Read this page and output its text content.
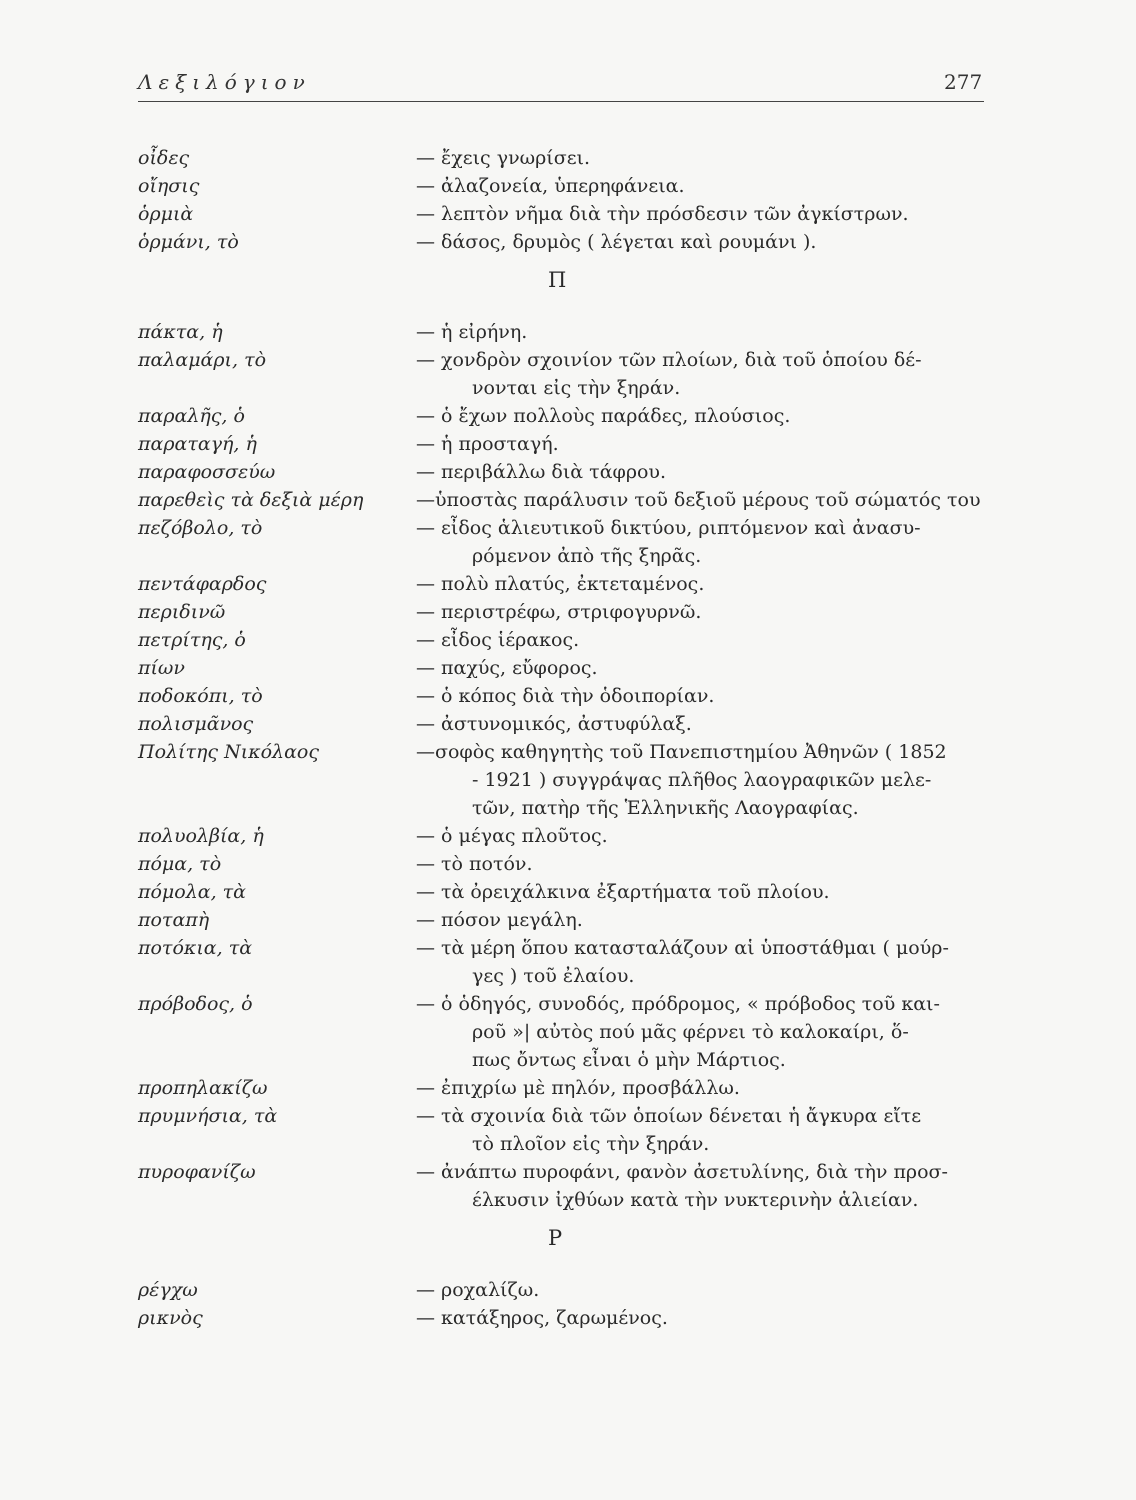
Λεξιλόγιον	277
οἶδες	— ἔχεις γνωρίσει.
οἴησις	— ἀλαζονεία, ὑπερηφάνεια.
ὁρμιὰ	— λεπτὸν νῆμα διὰ τὴν πρόσδεσιν τῶν ἀγκίστρων.
ὁρμάνι, τὸ	— δάσος, δρυμὸς ( λέγεται καὶ ρουμάνι ).
Π
πάκτα, ἡ	— ἡ εἰρήνη.
παλαμάρι, τὸ	— χονδρὸν σχοινίον τῶν πλοίων, διὰ τοῦ ὁποίου δέ-
νονται εἰς τὴν ξηράν.
παραλῆς, ὁ	— ὁ ἔχων πολλοὺς παράδες, πλούσιος.
παραταγή, ἡ	— ἡ προσταγή.
παραφοσσεύω	— περιβάλλω διὰ τάφρου.
παρεθεὶς τὰ δεξιὰ μέρη	—ὑποστὰς παράλυσιν τοῦ δεξιοῦ μέρους τοῦ σώματός του
πεζόβολο, τὸ	— εἶδος ἁλιευτικοῦ δικτύου, ριπτόμενον καὶ ἀνασυ-
ρόμενον ἀπὸ τῆς ξηρᾶς.
πεντάφαρδος	— πολὺ πλατύς, ἐκτεταμένος.
περιδινῶ	— περιστρέφω, στριφογυρνῶ.
πετρίτης, ὁ	— εἶδος ἱέρακος.
πίων	— παχύς, εὔφορος.
ποδοκόπι, τὸ	— ὁ κόπος διὰ τὴν ὁδοιπορίαν.
πολισμᾶνος	— ἀστυνομικός, ἀστυφύλαξ.
Πολίτης Νικόλαος	—σοφὸς καθηγητὴς τοῦ Πανεπιστημίου Ἀθηνῶν ( 1852
- 1921 ) συγγράψας πλῆθος λαογραφικῶν μελε-
τῶν, πατὴρ τῆς Ἑλληνικῆς Λαογραφίας.
πολυολβία, ἡ	— ὁ μέγας πλοῦτος.
πόμα, τὸ	— τὸ ποτόν.
πόμολα, τὰ	— τὰ ὀρειχάλκινα ἐξαρτήματα τοῦ πλοίου.
ποταπὴ	— πόσον μεγάλη.
ποτόκια, τὰ	— τὰ μέρη ὅπου κατασταλάζουν αἱ ὑποστάθμαι ( μούρ-
γες ) τοῦ ἐλαίου.
πρόβοδος, ὁ	— ὁ ὁδηγός, συνοδός, πρόδρομος, « πρόβοδος τοῦ και-
ροῦ »| αὐτὸς πού μᾶς φέρνει τὸ καλοκαίρι, ὅ-
πως ὄντως εἶναι ὁ μὴν Μάρτιος.
προπηλακίζω	— ἐπιχρίω μὲ πηλόν, προσβάλλω.
πρυμνήσια, τὰ	— τὰ σχοινία διὰ τῶν ὁποίων δένεται ἡ ἄγκυρα εἴτε
τὸ πλοῖον εἰς τὴν ξηράν.
πυροφανίζω	— ἀνάπτω πυροφάνι, φανὸν ἀσετυλίνης, διὰ τὴν προσ-
έλκυσιν ἰχθύων κατὰ τὴν νυκτερινὴν ἁλιείαν.
Ρ
ρέγχω	— ροχαλίζω.
ρικνὸς	— κατάξηρος, ζαρωμένος.
